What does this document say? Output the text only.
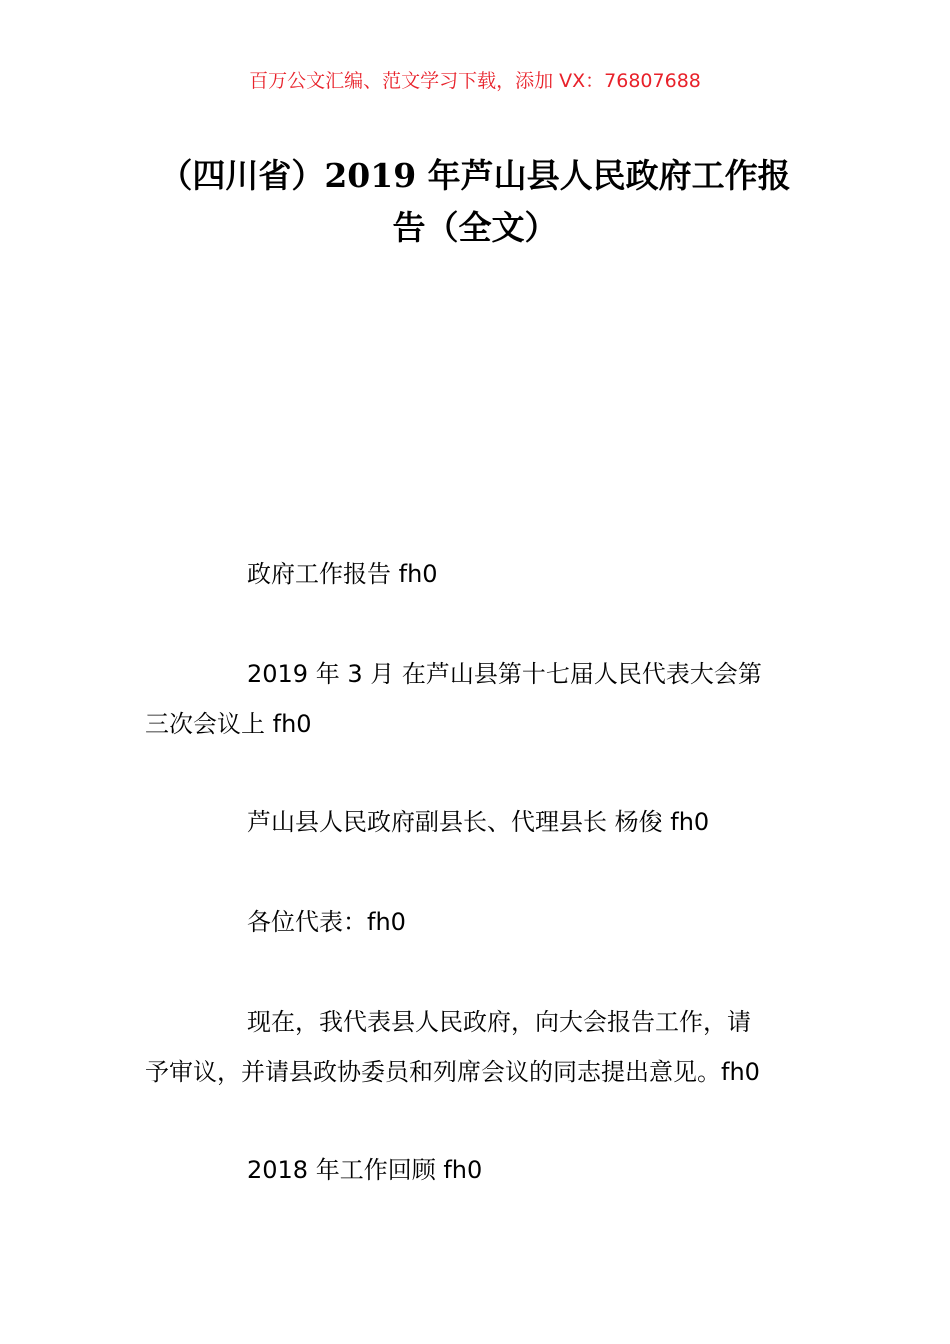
百万公文汇编、范文学习下载，添加 VX：76807688
（四川省）2019 年芦山县人民政府工作报
告（全文）
政府工作报告 fh0
2019 年 3 月 在芦山县第十七届人民代表大会第
三次会议上 fh0
芦山县人民政府副县长、代理县长 杨俊 fh0
各位代表：fh0
现在，我代表县人民政府，向大会报告工作，请
予审议，并请县政协委员和列席会议的同志提出意见。fh0
2018 年工作回顾 fh0
